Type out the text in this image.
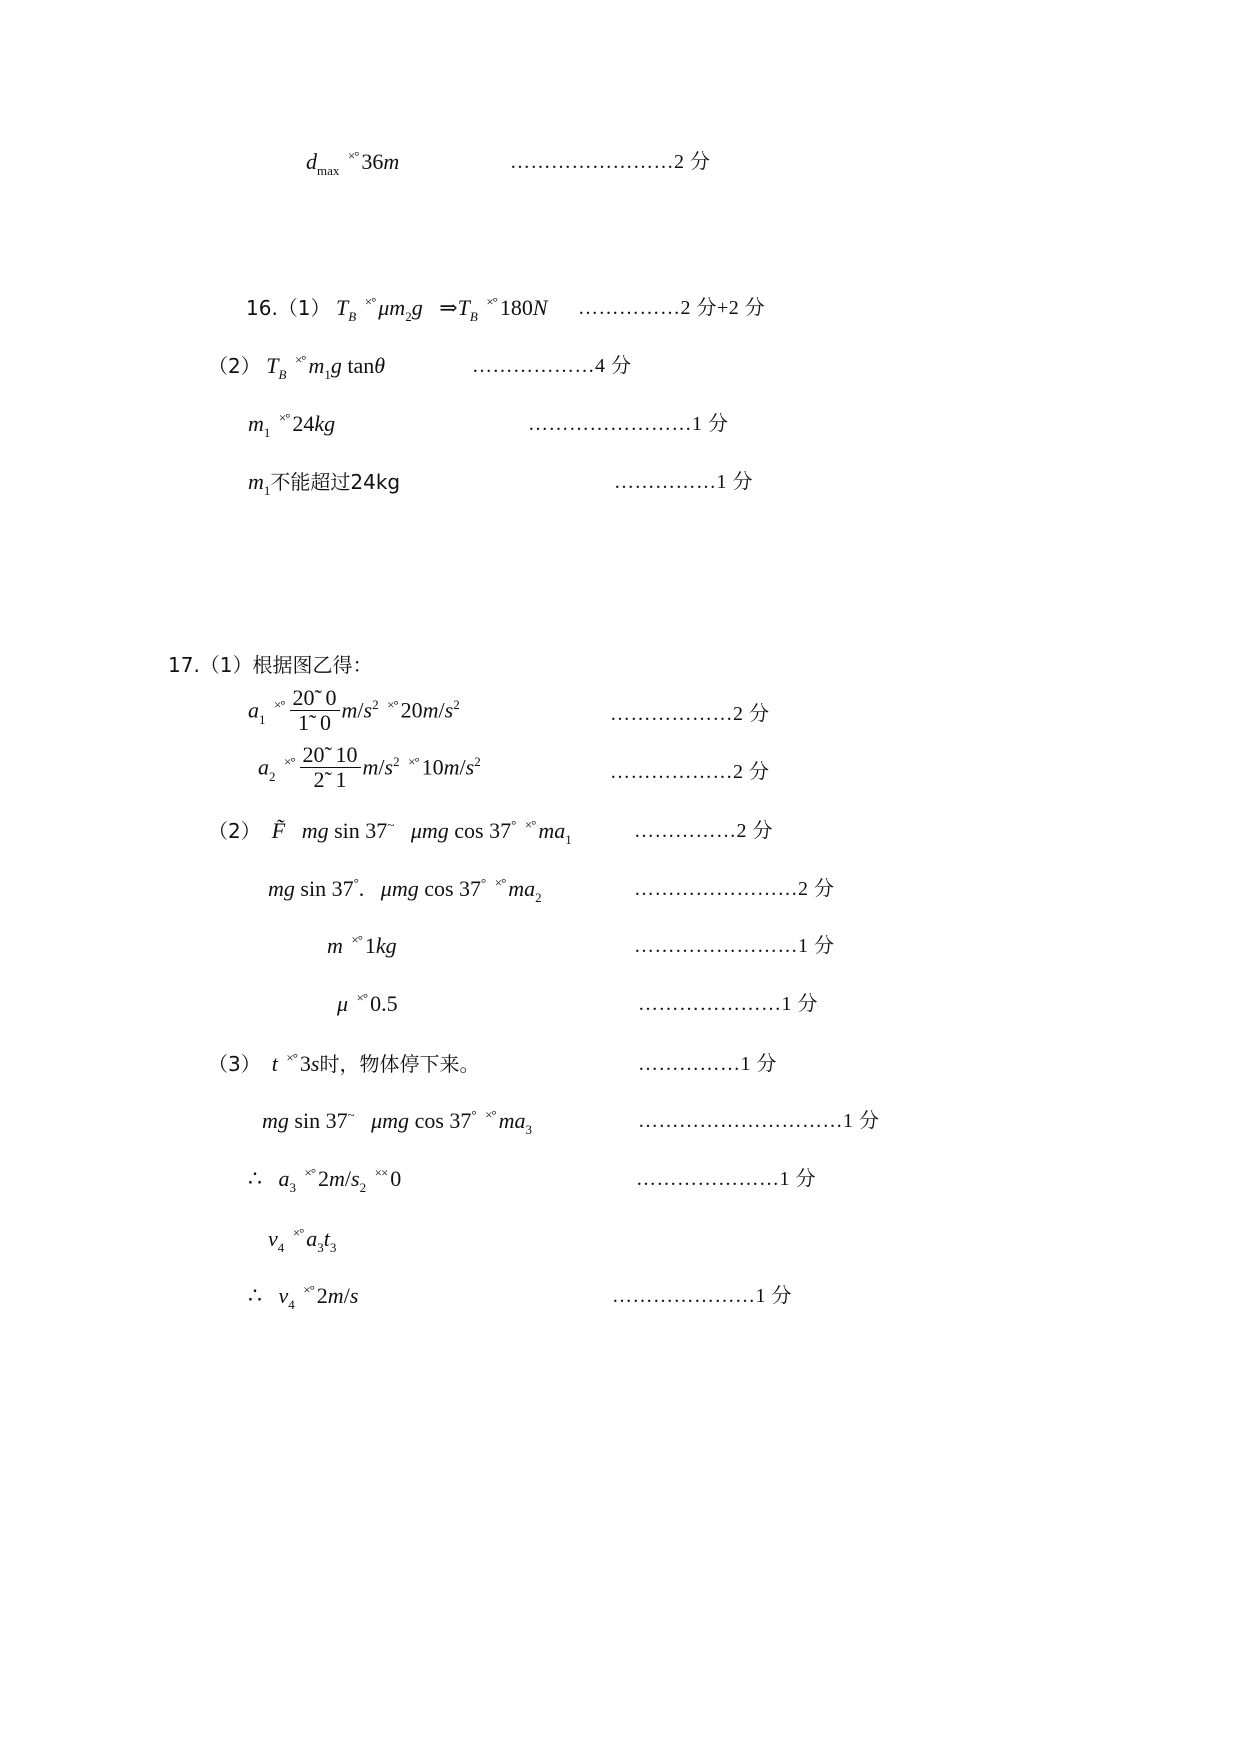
$d_{max}$ ×° 36m	……………………2 分
16.（1） $T_B$ ×° $\mu m_2g$   $\Rightarrow T_B$ ×° 180N ……………2 分+2 分
（2） $T_B$ ×° $m_1g$ tanθ	………………4 分
$m_1$ ×° 24kg	……………………1 分
$m_1$不能超过24kg	……………1 分
17.（1）根据图乙得：
$a_1$ $^{\times^\circ} \frac{20̃ 0}{1̃ 0} m/s^2$ ×° $20m/s^2$	………………2 分
$a_2$ $^{\times^\circ} \frac{20̃ 10}{2̃ 1} m/s^2$ ×° $10m/s^2$	………………2 分
（2） F̃ mg sin 37~ μmg cos 37° ×° $ma_1$	……………2 分
mg sin 37°.   μmg cos 37° ×° $ma_2$	……………………2 分
m ×° 1kg	……………………1 分
μ ×° 0.5	…………………1 分
（3） t ×° 3s时，物体停下来。	……………1 分
mg sin 37~ μmg cos 37° ×° $ma_3$	…………………………1 分
∴   $a_3$ ×° $2m/s_2$ ×× 0	…………………1 分
$v_4$ ×° $a_3t_3$
∴   $v_4$ ×° 2m/s	…………………1 分
